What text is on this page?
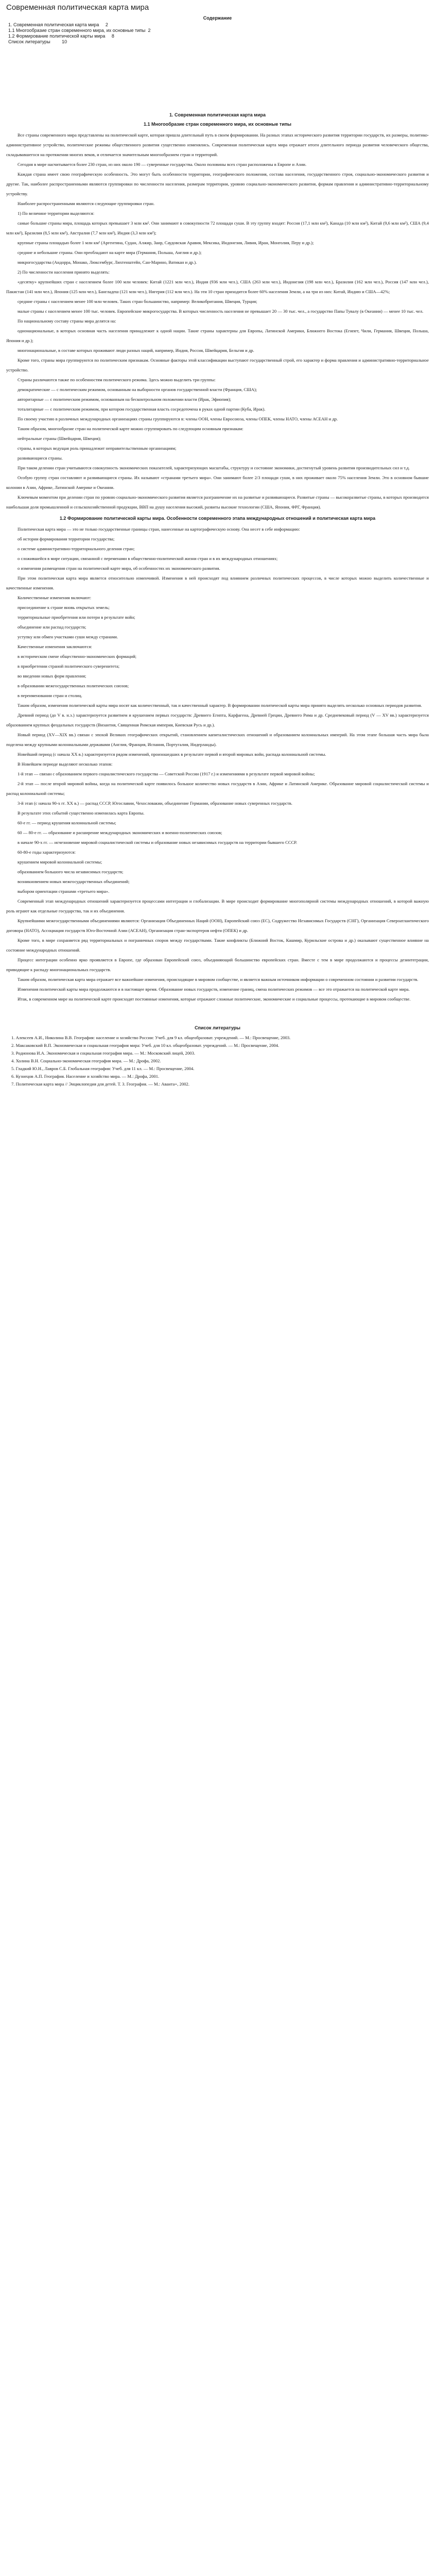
Современная политическая карта мира
Содержание
1. Современная политическая карта мира     2
1.1 Многообразие стран современного мира, их основные типы  2
1.2 Формирование политической карты мира     8
Список литературы         10
1. Современная политическая карта мира
1.1 Многообразие стран современного мира, их основные типы

Все страны современного мира представлены на политической карте, которая пришла длительный путь в своем формировании. На разных этапах исторического развития территории государств, их размеры, политико-административное устройство, политические режимы общественного развития существенно изменялись. Современная политическая карта мира отражает итоги длительного периода развития человеческого общества, складывавшегося на протяжении многих веков, и отличается значительным многообразием стран и территорий.

Сегодня в мире насчитывается более 230 стран, из них около 190 — суверенные государства. Около половины всех стран расположены в Европе и Азии.

Каждая страна имеет свою географическую особенность. Это могут быть особенности территории, географического положения, состава населения, государственного строя, социально-экономического развития и другие. Так, наиболее распространенными являются группировки по численности населения, размерам территории, уровню социально-экономического развития, формам правления и административно-территориальному устройству.

Наиболее распространенными являются следующие группировки стран.

1) По величине территории выделяются:

самые большие страны мира, площадь которых превышает 3 млн км². Они занимают в совокупности 72 площади суши. В эту группу входят: Россия (17,1 млн км²), Канада (10 млн км²), Китай (9,6 млн км²), США (9,4 млн км²), Бразилия (8,5 млн км²), Австралия (7,7 млн км²), Индия (3,3 млн км²);

крупные страны площадью более 1 млн км² (Аргентина, Судан, Алжир, Заир, Саудовская Аравия, Мексика, Индонезия, Ливия, Иран, Монголия, Перу и др.);

средние и небольшие страны. Они преобладают на карте мира (Германия, Польша, Англия и др.);

микрогосударства (Андорра, Монако, Люксембург, Лихтенштейн, Сан-Марино, Ватикан и др.).

2) По численности населения принято выделять:

«десятку» крупнейших стран с населением более 100 млн человек: Китай (1221 млн чел.), Индия (936 млн чел.), США (263 млн чел.), Индонезия (198 млн чел.), Бразилия (162 млн чел.), Россия (147 млн чел.), Пакистан (141 млн чел.), Япония (125 млн чел.), Бангладеш (121 млн чел.), Нигерия (112 млн чел.). На эти 10 стран приходится более 60% населения Земли, а на три из них: Китай, Индию и США—42%;

средние страны с населением менее 100 млн человек. Таких стран большинство, например: Великобритания, Швеция, Турция;

малые страны с населением менее 100 тыс. человек. Европейские микрогосударства. В которых численность населения не превышает 20 — 30 тыс. чел., а государство Папы Тувалу (в Океании) — менее 10 тыс. чел.

По национальному составу страны мира делятся на:

однонациональные, в которых основная часть населения принадлежит к одной нации. Такие страны характерны для Европы, Латинской Америки, Ближнего Востока (Египет, Чили, Германия, Швеция, Польша, Япония и др.);

многонациональные, в составе которых проживают люди разных наций, например, Индия, Россия, Швейцария, Бельгия и др.

Кроме того, страны мира группируются по политическим признакам. Основные факторы этой классификации выступают государственный строй, его характер и форма правления и административно-территориальное устройство.

Страны различаются также по особенностям политического режима. Здесь можно выделить три группы:

демократические — с политическим режимом, основанным на выборности органов государственной власти (Франция, США);

авторитарные — с политическим режимом, основанным на бесконтрольном положении власти (Ирак, Эфиопия);

тоталитарные — с политическим режимом, при котором государственная власть сосредоточена в руках одной партии (Куба, Ирак).

По своему участию в различных международных организациях страны группируются в: члены ООН, члены Евросоюза, члены ОПЕК, члены НАТО, члены АСЕАН и др.

Таким образом, многообразие стран на политической карте можно сгруппировать по следующим основным признакам:

нейтральные страны (Швейцария, Швеция);

страны, в которых ведущая роль принадлежит неправительственным организациям;

развивающиеся страны.

При таком делении стран учитываются совокупность экономических показателей, характеризующих масштабы, структуру и состояние экономики, достигнутый уровень развития производительных сил и т.д.

Особую группу стран составляют и развивающиеся страны. Их называют «странами третьего мира». Они занимают более 2/3 площади суши, в них проживает около 75% населения Земли. Это в основном бывшие колонии в Азии, Африке, Латинской Америке и Океании.

Ключевым моментом при делении стран по уровню социально-экономического развития является разграничение их на развитые и развивающиеся. Развитые страны — высокоразвитые страны, в которых производится наибольшая доля промышленной и сельскохозяйственной продукции, ВВП на душу населения высокий, развиты высокие технологии (США, Япония, ФРГ, Франция).

1.2 Формирование политической карты мира. Особенности современного этапа международных отношений и политическая карта мира

Политическая карта мира — это не только государственные границы стран, нанесенные на картографическую основу. Она несет в себе информацию:

об истории формирования территории государства;

о системе административно-территориального деления стран;

о сложившейся в мире ситуации, связанной с переменами в общественно-политической жизни стран и в их международных отношениях;

о изменении размещения стран на политической карте мира, об особенностях их экономического развития.

При этом политическая карта мира является относительно изменчивой. Изменения в ней происходят под влиянием различных политических процессов, в числе которых можно выделить количественные и качественные изменения.

Количественные изменения включают:

присоединение к стране вновь открытых земель;

территориальные приобретения или потери в результате войн;

объединение или распад государств;

уступку или обмен участками суши между странами.

Качественные изменения заключаются:

в историческом смене общественно-экономических формаций;

в приобретении страной политического суверенитета;

во введении новых форм правления;

в образовании межгосударственных политических союзов;

в переименовании стран и столиц.

Таким образом, изменения политической карты мира носят как количественный, так и качественный характер. В формировании политической карты мира принято выделять несколько основных периодов развития.

Древний период (до V в. н.э.) характеризуется развитием и крушением первых государств: Древнего Египта, Карфагена, Древней Греции, Древнего Рима и др. Средневековый период (V — XV вв.) характеризуется образованием крупных феодальных государств (Византия, Священная Римская империя, Киевская Русь и др.).

Новый период (XV—XIX вв.) связан с эпохой Великих географических открытий, становлением капиталистических отношений и образованием колониальных империй. На этом этапе большая часть мира была поделена между крупными колониальными державами (Англия, Франция, Испания, Португалия, Нидерланды).

Новейший период (с начала XX в.) характеризуется рядом изменений, произошедших в результате первой и второй мировых войн, распада колониальной системы.

В Новейшем периоде выделяют несколько этапов:

1-й этап — связан с образованием первого социалистического государства — Советской России (1917 г.) и изменениями в результате первой мировой войны;

2-й этап — после второй мировой войны, когда на политической карте появилось большое количество новых государств в Азии, Африке и Латинской Америке. Образование мировой социалистической системы и распад колониальной системы;

3-й этап (с начала 90-х гг. XX в.) — распад СССР, Югославии, Чехословакии, объединение Германии, образование новых суверенных государств.

В результате этих событий существенно изменилась карта Европы.

60-е гг. — период крушения колониальной системы;

60 — 80-е гг. — образование и расширение международных экономических и военно-политических союзов;

в начале 90-х гг. — исчезновение мировой социалистической системы и образование новых независимых государств на территории бывшего СССР.

60-80-е годы характеризуются:

крушением мировой колониальной системы;

образованием большого числа независимых государств;

возникновением новых межгосударственных объединений;

выбором ориентации странами «третьего мира».

Современный этап международных отношений характеризуется процессами интеграции и глобализации. В мире происходит формирование многополярной системы международных отношений, в которой важную роль играют как отдельные государства, так и их объединения.

Крупнейшими межгосударственными объединениями являются: Организация Объединенных Наций (ООН), Европейский союз (ЕС), Содружество Независимых Государств (СНГ), Организация Североатлантического договора (НАТО), Ассоциация государств Юго-Восточной Азии (АСЕАН), Организация стран-экспортеров нефти (ОПЕК) и др.

Кроме того, в мире сохраняется ряд территориальных и пограничных споров между государствами. Такие конфликты (Ближний Восток, Кашмир, Курильские острова и др.) оказывают существенное влияние на состояние международных отношений.

Процесс интеграции особенно ярко проявляется в Европе, где образован Европейский союз, объединяющий большинство европейских стран. Вместе с тем в мире продолжаются и процессы дезинтеграции, приводящие к распаду многонациональных государств.

Таким образом, политическая карта мира отражает все важнейшие изменения, происходящие в мировом сообществе, и является важным источником информации о современном состоянии и развитии государств.

Изменения политической карты мира продолжаются и в настоящее время. Образование новых государств, изменение границ, смена политических режимов — все это отражается на политической карте мира.

Итак, в современном мире на политической карте происходят постоянные изменения, которые отражают сложные политические, экономические и социальные процессы, протекающие в мировом сообществе.

Список литературы
1. Алексеев А.И., Николина В.В. География: население и хозяйство России: Учеб. для 9 кл. общеобразоват. учреждений. — М.: Просвещение, 2003.
2. Максаковский В.П. Экономическая и социальная география мира: Учеб. для 10 кл. общеобразоват. учреждений. — М.: Просвещение, 2004.
3. Родионова И.А. Экономическая и социальная география мира. — М.: Московский лицей, 2003.
4. Холина В.Н. Социально-экономическая география мира. — М.: Дрофа, 2002.
5. Гладкий Ю.Н., Лавров С.Б. Глобальная география: Учеб. для 11 кл. — М.: Просвещение, 2004.
6. Кузнецов А.П. География. Население и хозяйство мира. — М.: Дрофа, 2001.
7. Политическая карта мира // Энциклопедия для детей. Т. 3. География. — М.: Аванта+, 2002.
